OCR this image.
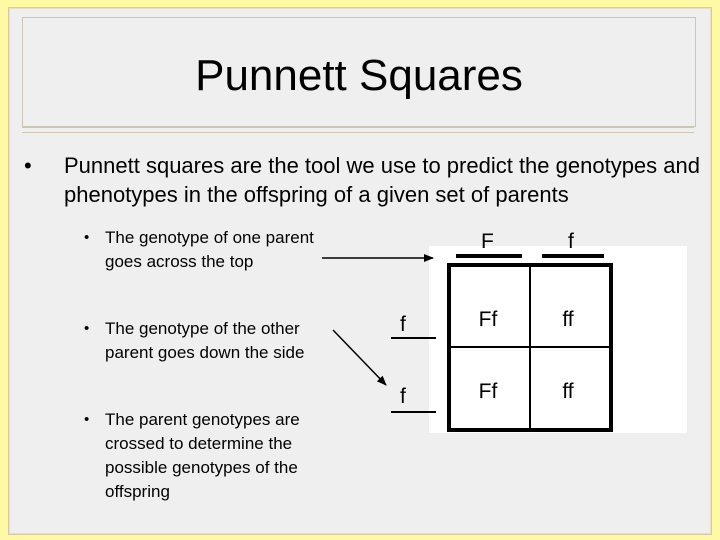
Punnett Squares
• Punnett squares are the tool we use to predict the genotypes and phenotypes in the offspring of a given set of parents
• The genotype of one parent goes across the top
• The genotype of the other parent goes down the side
• The parent genotypes are crossed to determine the possible genotypes of the offspring
F	f
f
f
Ff	ff
Ff	ff
